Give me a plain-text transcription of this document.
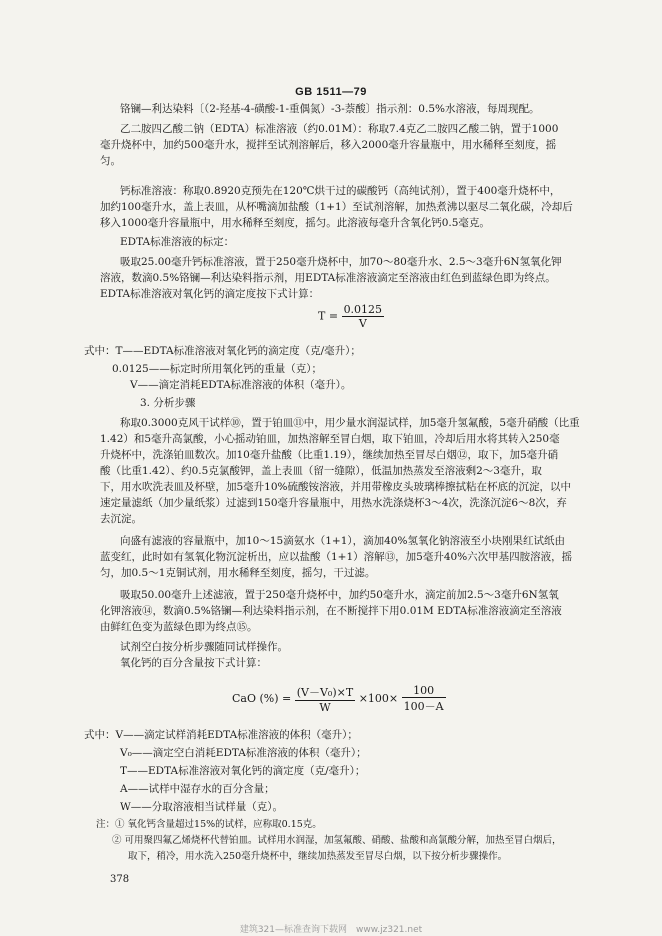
GB 1511—79
铬镧—利达染料〔（2-羟基-4-磺酸-1-重偶氮）-3-萘酸〕指示剂：0.5%水溶液，每周现配。
乙二胺四乙酸二钠（EDTA）标准溶液（约0.01M）：称取7.4克乙二胺四乙酸二钠，置于1000
毫升烧杯中，加约500毫升水，搅拌至试剂溶解后，移入2000毫升容量瓶中，用水稀释至刻度，摇
匀。
钙标准溶液：称取0.8920克预先在120℃烘干过的碳酸钙（高纯试剂），置于400毫升烧杯中，
加约100毫升水，盖上表皿，从杯嘴滴加盐酸（1+1）至试剂溶解，加热煮沸以驱尽二氧化碳，冷却后
移入1000毫升容量瓶中，用水稀释至刻度，摇匀。此溶液每毫升含氧化钙0.5毫克。
EDTA标准溶液的标定：
吸取25.00毫升钙标准溶液，置于250毫升烧杯中，加70～80毫升水、2.5～3毫升6N氢氧化钾
溶液，数滴0.5%铬镧—利达染料指示剂，用EDTA标准溶液滴定至溶液由红色到蓝绿色即为终点。
EDTA标准溶液对氧化钙的滴定度按下式计算：
$T = \frac{0.0125}{V}$
式中：T——EDTA标准溶液对氧化钙的滴定度（克/毫升）；
0.0125——标定时所用氧化钙的重量（克）；
V——滴定消耗EDTA标准溶液的体积（毫升）。
3. 分析步骤
称取0.3000克风干试样⑩，置于铂皿⑪中，用少量水润湿试样，加5毫升氢氟酸，5毫升硝酸（比重
1.42）和5毫升高氯酸，小心摇动铂皿，加热溶解至冒白烟，取下铂皿，冷却后用水将其转入250毫
升烧杯中，洗涤铂皿数次。加10毫升盐酸（比重1.19），继续加热至冒尽白烟⑫，取下，加5毫升硝
酸（比重1.42）、约0.5克氯酸钾，盖上表皿（留一缝隙），低温加热蒸发至溶液剩2～3毫升，取
下，用水吹洗表皿及杯壁，加5毫升10%硫酸铵溶液，并用带橡皮头玻璃棒擦拭粘在杯底的沉淀，以中
速定量滤纸（加少量纸浆）过滤到150毫升容量瓶中，用热水洗涤烧杯3～4次，洗涤沉淀6～8次，弃
去沉淀。
向盛有滤液的容量瓶中，加10～15滴氨水（1+1），滴加40%氢氧化钠溶液至小块刚果红试纸由
蓝变红，此时如有氢氧化物沉淀析出，应以盐酸（1+1）溶解⑬，加5毫升40%六次甲基四胺溶液，摇
匀，加0.5～1克铜试剂，用水稀释至刻度，摇匀，干过滤。
吸取50.00毫升上述滤液，置于250毫升烧杯中，加约50毫升水，滴定前加2.5～3毫升6N氢氧
化钾溶液⑭，数滴0.5%铬镧—利达染料指示剂，在不断搅拌下用0.01M EDTA标准溶液滴定至溶液
由鲜红色变为蓝绿色即为终点⑮。
试剂空白按分析步骤随同试样操作。
氧化钙的百分含量按下式计算：
CaO (%) = $\frac{\text{(V－V₀)×T}}{W} \times 100\times \frac{100}{100-A}$
式中：V——滴定试样消耗EDTA标准溶液的体积（毫升）；
V₀——滴定空白消耗EDTA标准溶液的体积（毫升）；
T——EDTA标准溶液对氧化钙的滴定度（克/毫升）；
A——试样中湿存水的百分含量；
W——分取溶液相当试样量（克）。
注：① 氧化钙含量超过15%的试样，应称取0.15克。
② 可用聚四氟乙烯烧杯代替铂皿。试样用水润湿，加氢氟酸、硝酸、盐酸和高氯酸分解，加热至冒白烟后，
取下，稍冷，用水洗入250毫升烧杯中，继续加热蒸发至冒尽白烟，以下按分析步骤操作。
378
建筑321—标准查询下载网　www.jz321.net
